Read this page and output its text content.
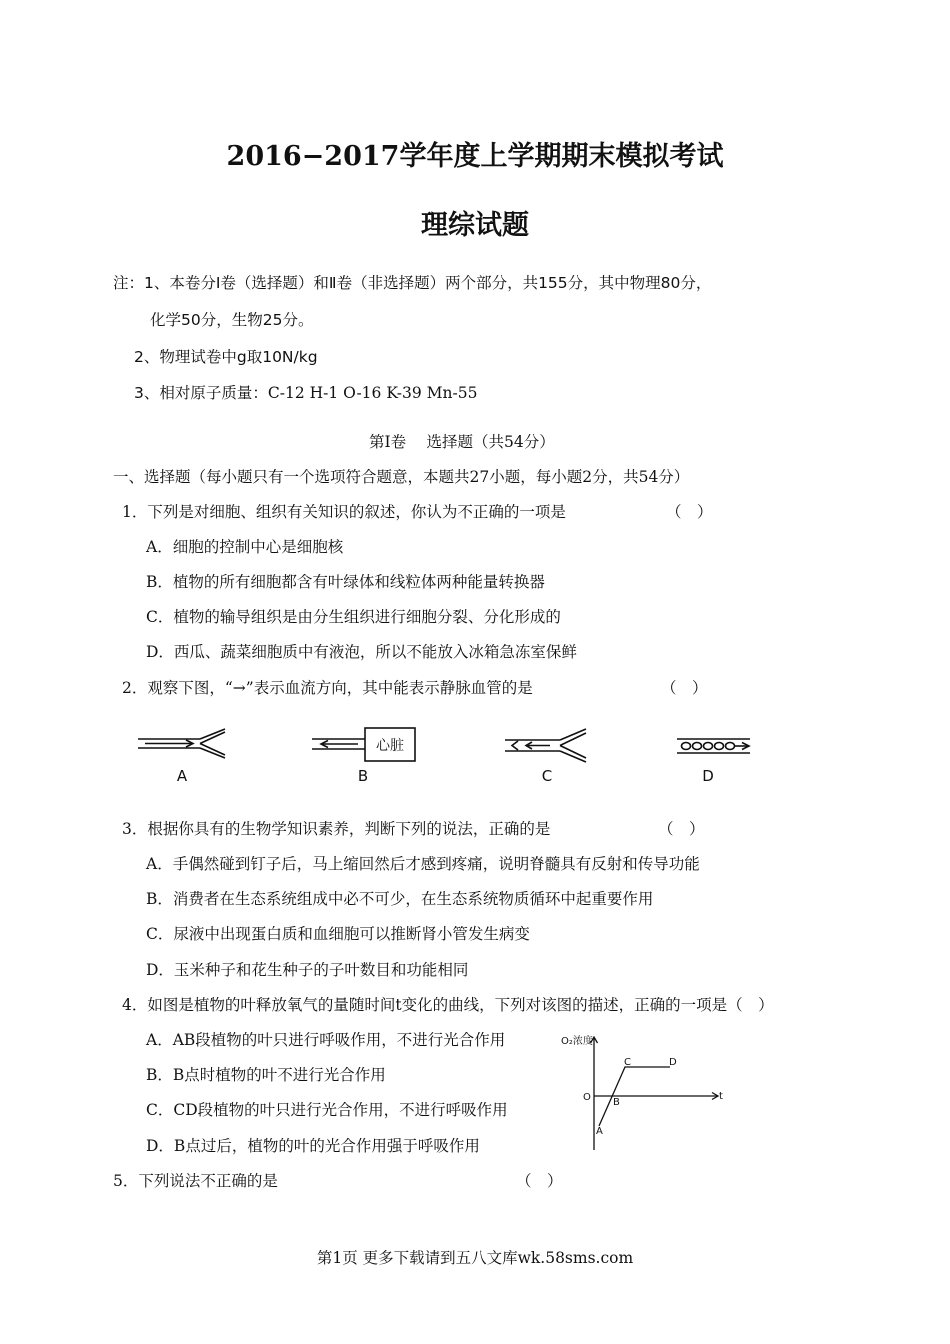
2016−2017学年度上学期期末模拟考试
理综试题
注：1、本卷分Ⅰ卷（选择题）和Ⅱ卷（非选择题）两个部分，共155分，其中物理80分，
化学50分，生物25分。
2、物理试卷中g取10N/kg
3、相对原子质量：C-12 H-1 O-16 K-39 Mn-55
第Ⅰ卷　 选择题（共54分）
一、选择题（每小题只有一个选项符合题意，本题共27小题，每小题2分，共54分）
1．下列是对细胞、组织有关知识的叙述，你认为不正确的一项是	（　）
A．细胞的控制中心是细胞核
B．植物的所有细胞都含有叶绿体和线粒体两种能量转换器
C．植物的输导组织是由分生组织进行细胞分裂、分化形成的
D．西瓜、蔬菜细胞质中有液泡，所以不能放入冰箱急冻室保鲜
2．观察下图，“→”表示血流方向，其中能表示静脉血管的是	（　）
A
心脏
B	C	D
3．根据你具有的生物学知识素养，判断下列的说法，正确的是	（　）
A．手偶然碰到钉子后，马上缩回然后才感到疼痛，说明脊髓具有反射和传导功能
B．消费者在生态系统组成中必不可少，在生态系统物质循环中起重要作用
C．尿液中出现蛋白质和血细胞可以推断肾小管发生病变
D．玉米种子和花生种子的子叶数目和功能相同
4．如图是植物的叶释放氧气的量随时间t变化的曲线，下列对该图的描述，正确的一项是（　）
A．AB段植物的叶只进行呼吸作用，不进行光合作用
B．B点时植物的叶不进行光合作用
C．CD段植物的叶只进行光合作用，不进行呼吸作用
D．B点过后，植物的叶的光合作用强于呼吸作用
O₂浓度
t
O
A
B
C	D
5．下列说法不正确的是	（　）
第1页 更多下载请到五八文库wk.58sms.com
